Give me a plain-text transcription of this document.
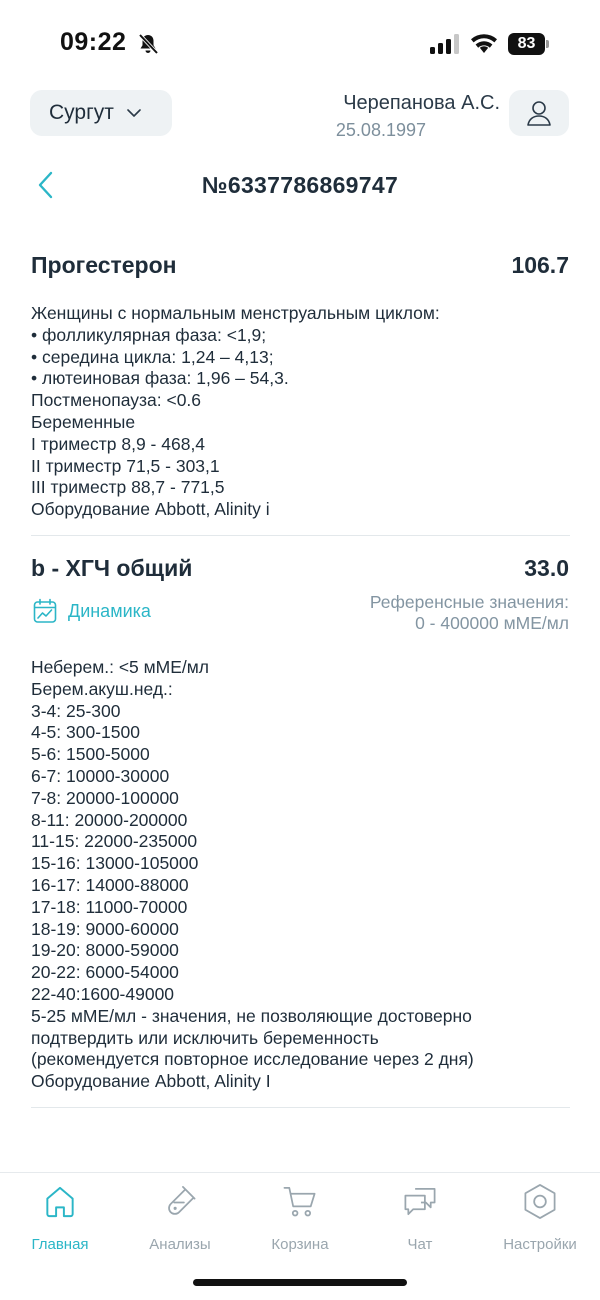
09:22	83
Сургут	Черепанова А.С.
25.08.1997
№6337786869747
Прогестерон	106.7
Женщины с нормальным менструальным циклом:
• фолликулярная фаза: <1,9;
• середина цикла: 1,24 – 4,13;
• лютеиновая фаза: 1,96 – 54,3.
Постменопауза: <0.6
Беременные
I триместр 8,9 - 468,4
II триместр 71,5 - 303,1
III триместр 88,7 - 771,5
Оборудование Abbott, Alinity i
b - ХГЧ общий	33.0
Динамика	Референсные значения:
0 - 400000 мМЕ/мл
Неберем.: <5 мМЕ/мл
Берем.акуш.нед.:
3-4: 25-300
4-5: 300-1500
5-6: 1500-5000
6-7: 10000-30000
7-8: 20000-100000
8-11: 20000-200000
11-15: 22000-235000
15-16: 13000-105000
16-17: 14000-88000
17-18: 11000-70000
18-19: 9000-60000
19-20: 8000-59000
20-22: 6000-54000
22-40:1600-49000
5-25 мМЕ/мл - значения, не позволяющие достоверно
подтвердить или исключить беременность
(рекомендуется повторное исследование через 2 дня)
Оборудование Abbott, Alinity I
Главная	Анализы	Корзина	Чат	Настройки
